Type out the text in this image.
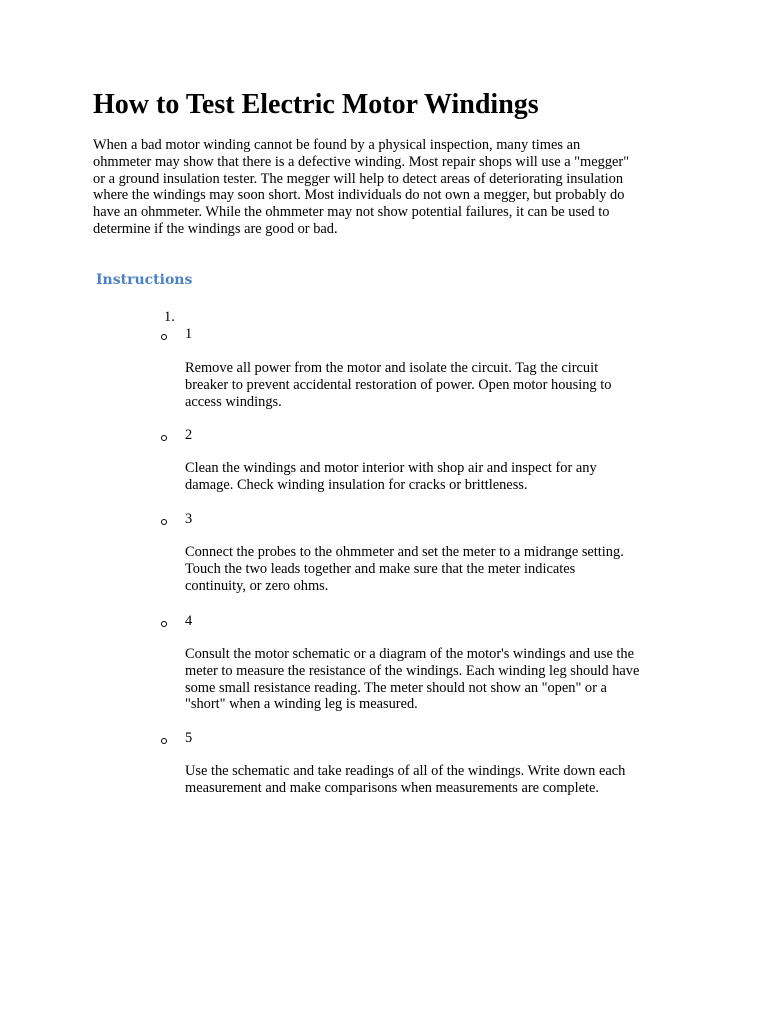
How to Test Electric Motor Windings

When a bad motor winding cannot be found by a physical inspection, many times an
ohmmeter may show that there is a defective winding. Most repair shops will use a "megger"
or a ground insulation tester. The megger will help to detect areas of deteriorating insulation
where the windings may soon short. Most individuals do not own a megger, but probably do
have an ohmmeter. While the ohmmeter may not show potential failures, it can be used to
determine if the windings are good or bad.

Instructions
1.
1
Remove all power from the motor and isolate the circuit. Tag the circuit
breaker to prevent accidental restoration of power. Open motor housing to
access windings.
2
Clean the windings and motor interior with shop air and inspect for any
damage. Check winding insulation for cracks or brittleness.
3
Connect the probes to the ohmmeter and set the meter to a midrange setting.
Touch the two leads together and make sure that the meter indicates
continuity, or zero ohms.
4
Consult the motor schematic or a diagram of the motor's windings and use the
meter to measure the resistance of the windings. Each winding leg should have
some small resistance reading. The meter should not show an "open" or a
"short" when a winding leg is measured.
5
Use the schematic and take readings of all of the windings. Write down each
measurement and make comparisons when measurements are complete.
